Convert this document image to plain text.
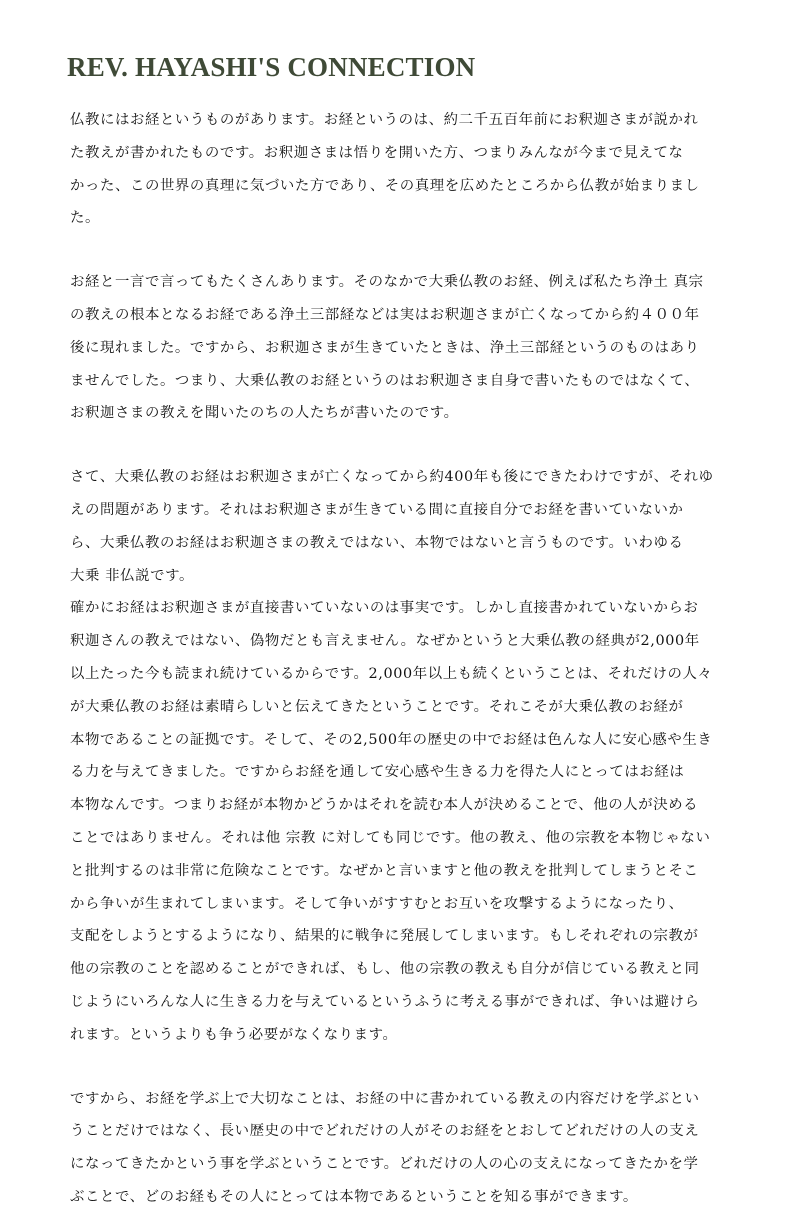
REV. HAYASHI'S CONNECTION
仏教にはお経というものがあります。お経というのは、約二千五百年前にお釈迦さまが説かれ
た教えが書かれたものです。お釈迦さまは悟りを開いた方、つまりみんなが今まで見えてな
かった、この世界の真理に気づいた方であり、その真理を広めたところから仏教が始まりまし
た。
お経と一言で言ってもたくさんあります。そのなかで大乗仏教のお経、例えば私たち浄土 真宗
の教えの根本となるお経である浄土三部経などは実はお釈迦さまが亡くなってから約４００年
後に現れました。ですから、お釈迦さまが生きていたときは、浄土三部経というのものはあり
ませんでした。つまり、大乗仏教のお経というのはお釈迦さま自身で書いたものではなくて、
お釈迦さまの教えを聞いたのちの人たちが書いたのです。
さて、大乗仏教のお経はお釈迦さまが亡くなってから約400年も後にできたわけですが、それゆ
えの問題があります。それはお釈迦さまが生きている間に直接自分でお経を書いていないか
ら、大乗仏教のお経はお釈迦さまの教えではない、本物ではないと言うものです。いわゆる
大乗 非仏説です。
確かにお経はお釈迦さまが直接書いていないのは事実です。しかし直接書かれていないからお
釈迦さんの教えではない、偽物だとも言えません。なぜかというと大乗仏教の経典が2,000年
以上たった今も読まれ続けているからです。2,000年以上も続くということは、それだけの人々
が大乗仏教のお経は素晴らしいと伝えてきたということです。それこそが大乗仏教のお経が
本物であることの証拠です。そして、その2,500年の歴史の中でお経は色んな人に安心感や生き
る力を与えてきました。ですからお経を通して安心感や生きる力を得た人にとってはお経は
本物なんです。つまりお経が本物かどうかはそれを読む本人が決めることで、他の人が決める
ことではありません。それは他 宗教 に対しても同じです。他の教え、他の宗教を本物じゃない
と批判するのは非常に危険なことです。なぜかと言いますと他の教えを批判してしまうとそこ
から争いが生まれてしまいます。そして争いがすすむとお互いを攻撃するようになったり、
支配をしようとするようになり、結果的に戦争に発展してしまいます。もしそれぞれの宗教が
他の宗教のことを認めることができれば、もし、他の宗教の教えも自分が信じている教えと同
じようにいろんな人に生きる力を与えているというふうに考える事ができれば、争いは避けら
れます。というよりも争う必要がなくなります。
ですから、お経を学ぶ上で大切なことは、お経の中に書かれている教えの内容だけを学ぶとい
うことだけではなく、長い歴史の中でどれだけの人がそのお経をとおしてどれだけの人の支え
になってきたかという事を学ぶということです。どれだけの人の心の支えになってきたかを学
ぶことで、どのお経もその人にとっては本物であるということを知る事ができます。
